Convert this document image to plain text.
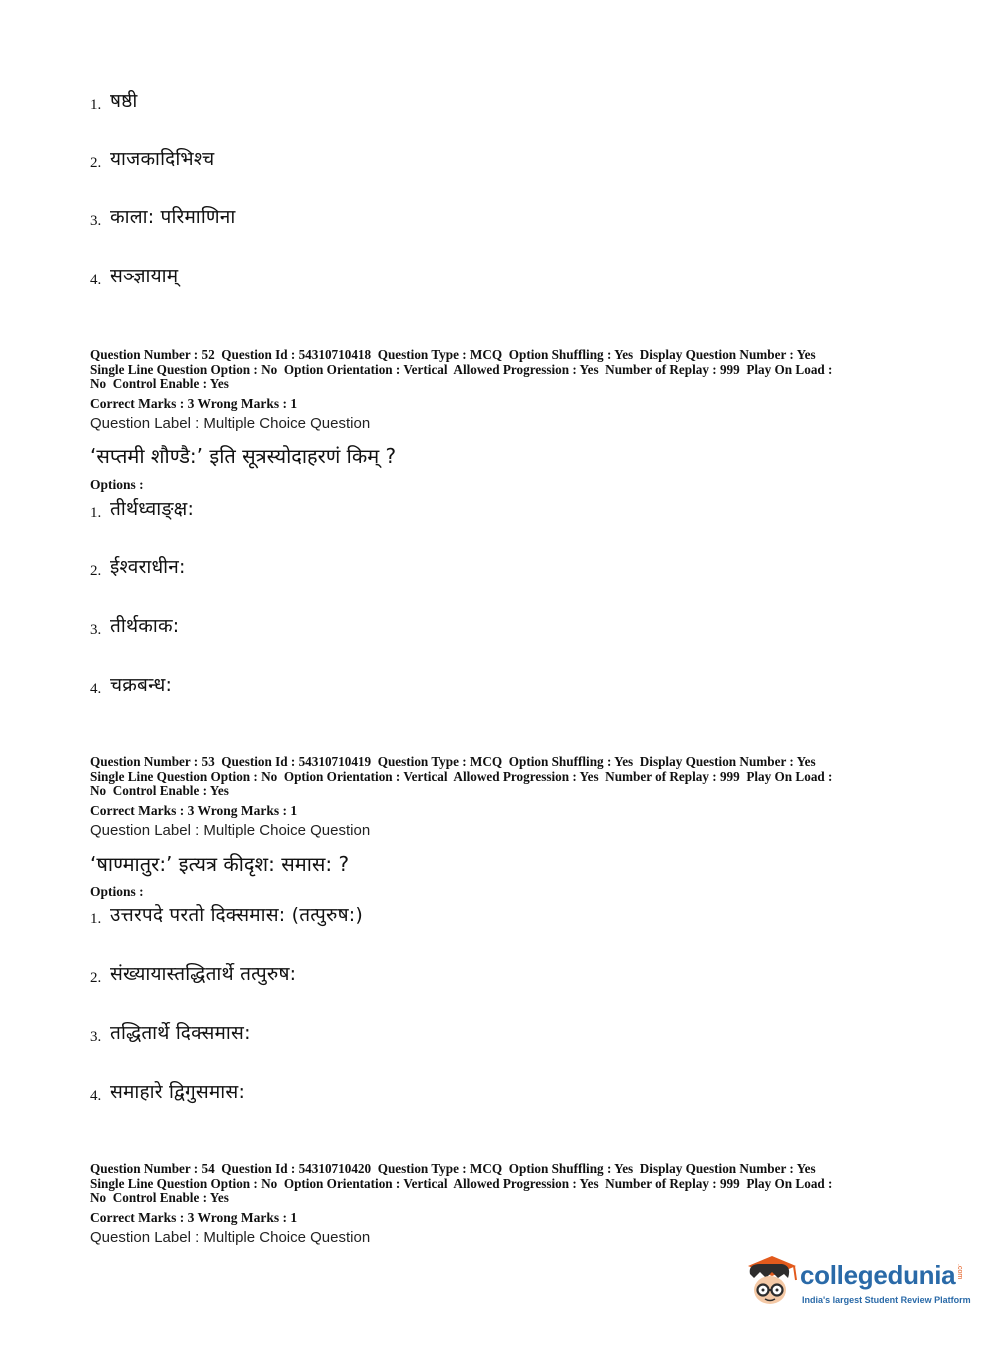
1. षष्ठी
2. याजकादिभिश्च
3. काला: परिमाणिना
4. सञ्ज्ञायाम्
Question Number : 52  Question Id : 54310710418  Question Type : MCQ  Option Shuffling : Yes  Display Question Number : Yes
Single Line Question Option : No  Option Orientation : Vertical  Allowed Progression : Yes  Number of Replay : 999  Play On Load :
No  Control Enable : Yes
Correct Marks : 3 Wrong Marks : 1
Question Label : Multiple Choice Question
‘सप्तमी शौण्डै:’ इति सूत्रस्योदाहरणं किम् ?
Options :
1. तीर्थध्वाङ्क्ष:
2. ईश्वराधीन:
3. तीर्थकाक:
4. चक्रबन्ध:
Question Number : 53  Question Id : 54310710419  Question Type : MCQ  Option Shuffling : Yes  Display Question Number : Yes
Single Line Question Option : No  Option Orientation : Vertical  Allowed Progression : Yes  Number of Replay : 999  Play On Load :
No  Control Enable : Yes
Correct Marks : 3 Wrong Marks : 1
Question Label : Multiple Choice Question
‘षाण्मातुर:’ इत्यत्र कीदृश: समास: ?
Options :
1. उत्तरपदे परतो दिक्समास: (तत्पुरुष:)
2. संख्यायास्तद्धितार्थे तत्पुरुष:
3. तद्धितार्थे दिक्समास:
4. समाहारे द्विगुसमास:
Question Number : 54  Question Id : 54310710420  Question Type : MCQ  Option Shuffling : Yes  Display Question Number : Yes
Single Line Question Option : No  Option Orientation : Vertical  Allowed Progression : Yes  Number of Replay : 999  Play On Load :
No  Control Enable : Yes
Correct Marks : 3 Wrong Marks : 1
Question Label : Multiple Choice Question
collegedunia .com
India's largest Student Review Platform
